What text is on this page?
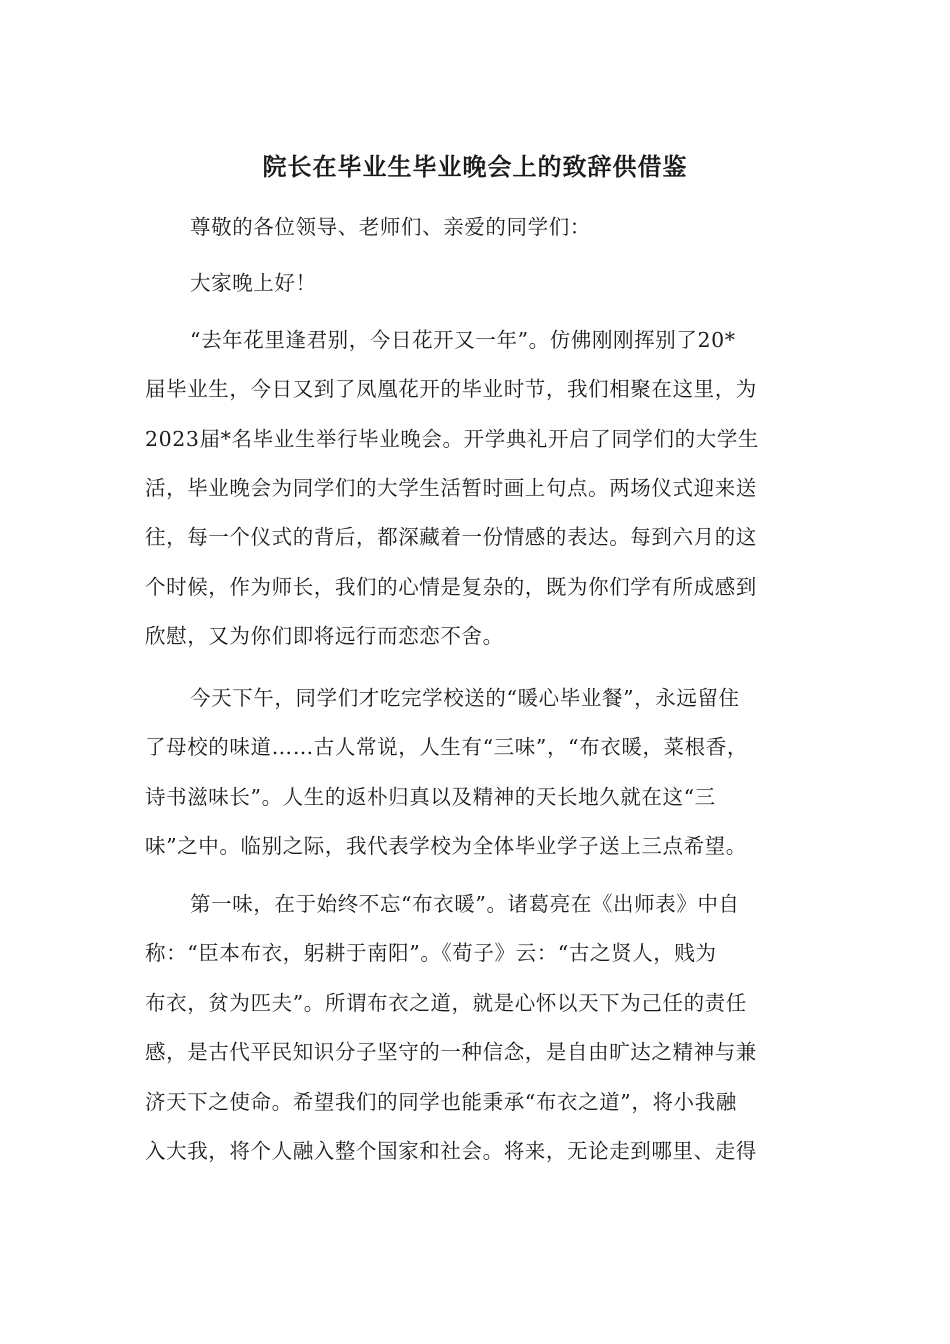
院长在毕业生毕业晚会上的致辞供借鉴
尊敬的各位领导、老师们、亲爱的同学们：
大家晚上好！
“去年花里逢君别，今日花开又一年”。仿佛刚刚挥别了20*
届毕业生，今日又到了凤凰花开的毕业时节，我们相聚在这里，为
2023届*名毕业生举行毕业晚会。开学典礼开启了同学们的大学生
活，毕业晚会为同学们的大学生活暂时画上句点。两场仪式迎来送
往，每一个仪式的背后，都深藏着一份情感的表达。每到六月的这
个时候，作为师长，我们的心情是复杂的，既为你们学有所成感到
欣慰，又为你们即将远行而恋恋不舍。
今天下午，同学们才吃完学校送的“暖心毕业餐”，永远留住
了母校的味道……古人常说，人生有“三味”，“布衣暖，菜根香，
诗书滋味长”。人生的返朴归真以及精神的天长地久就在这“三
味”之中。临别之际，我代表学校为全体毕业学子送上三点希望。
第一味，在于始终不忘“布衣暖”。诸葛亮在《出师表》中自
称：“臣本布衣，躬耕于南阳”。《荀子》云：“古之贤人，贱为
布衣，贫为匹夫”。所谓布衣之道，就是心怀以天下为己任的责任
感，是古代平民知识分子坚守的一种信念，是自由旷达之精神与兼
济天下之使命。希望我们的同学也能秉承“布衣之道”，将小我融
入大我，将个人融入整个国家和社会。将来，无论走到哪里、走得
